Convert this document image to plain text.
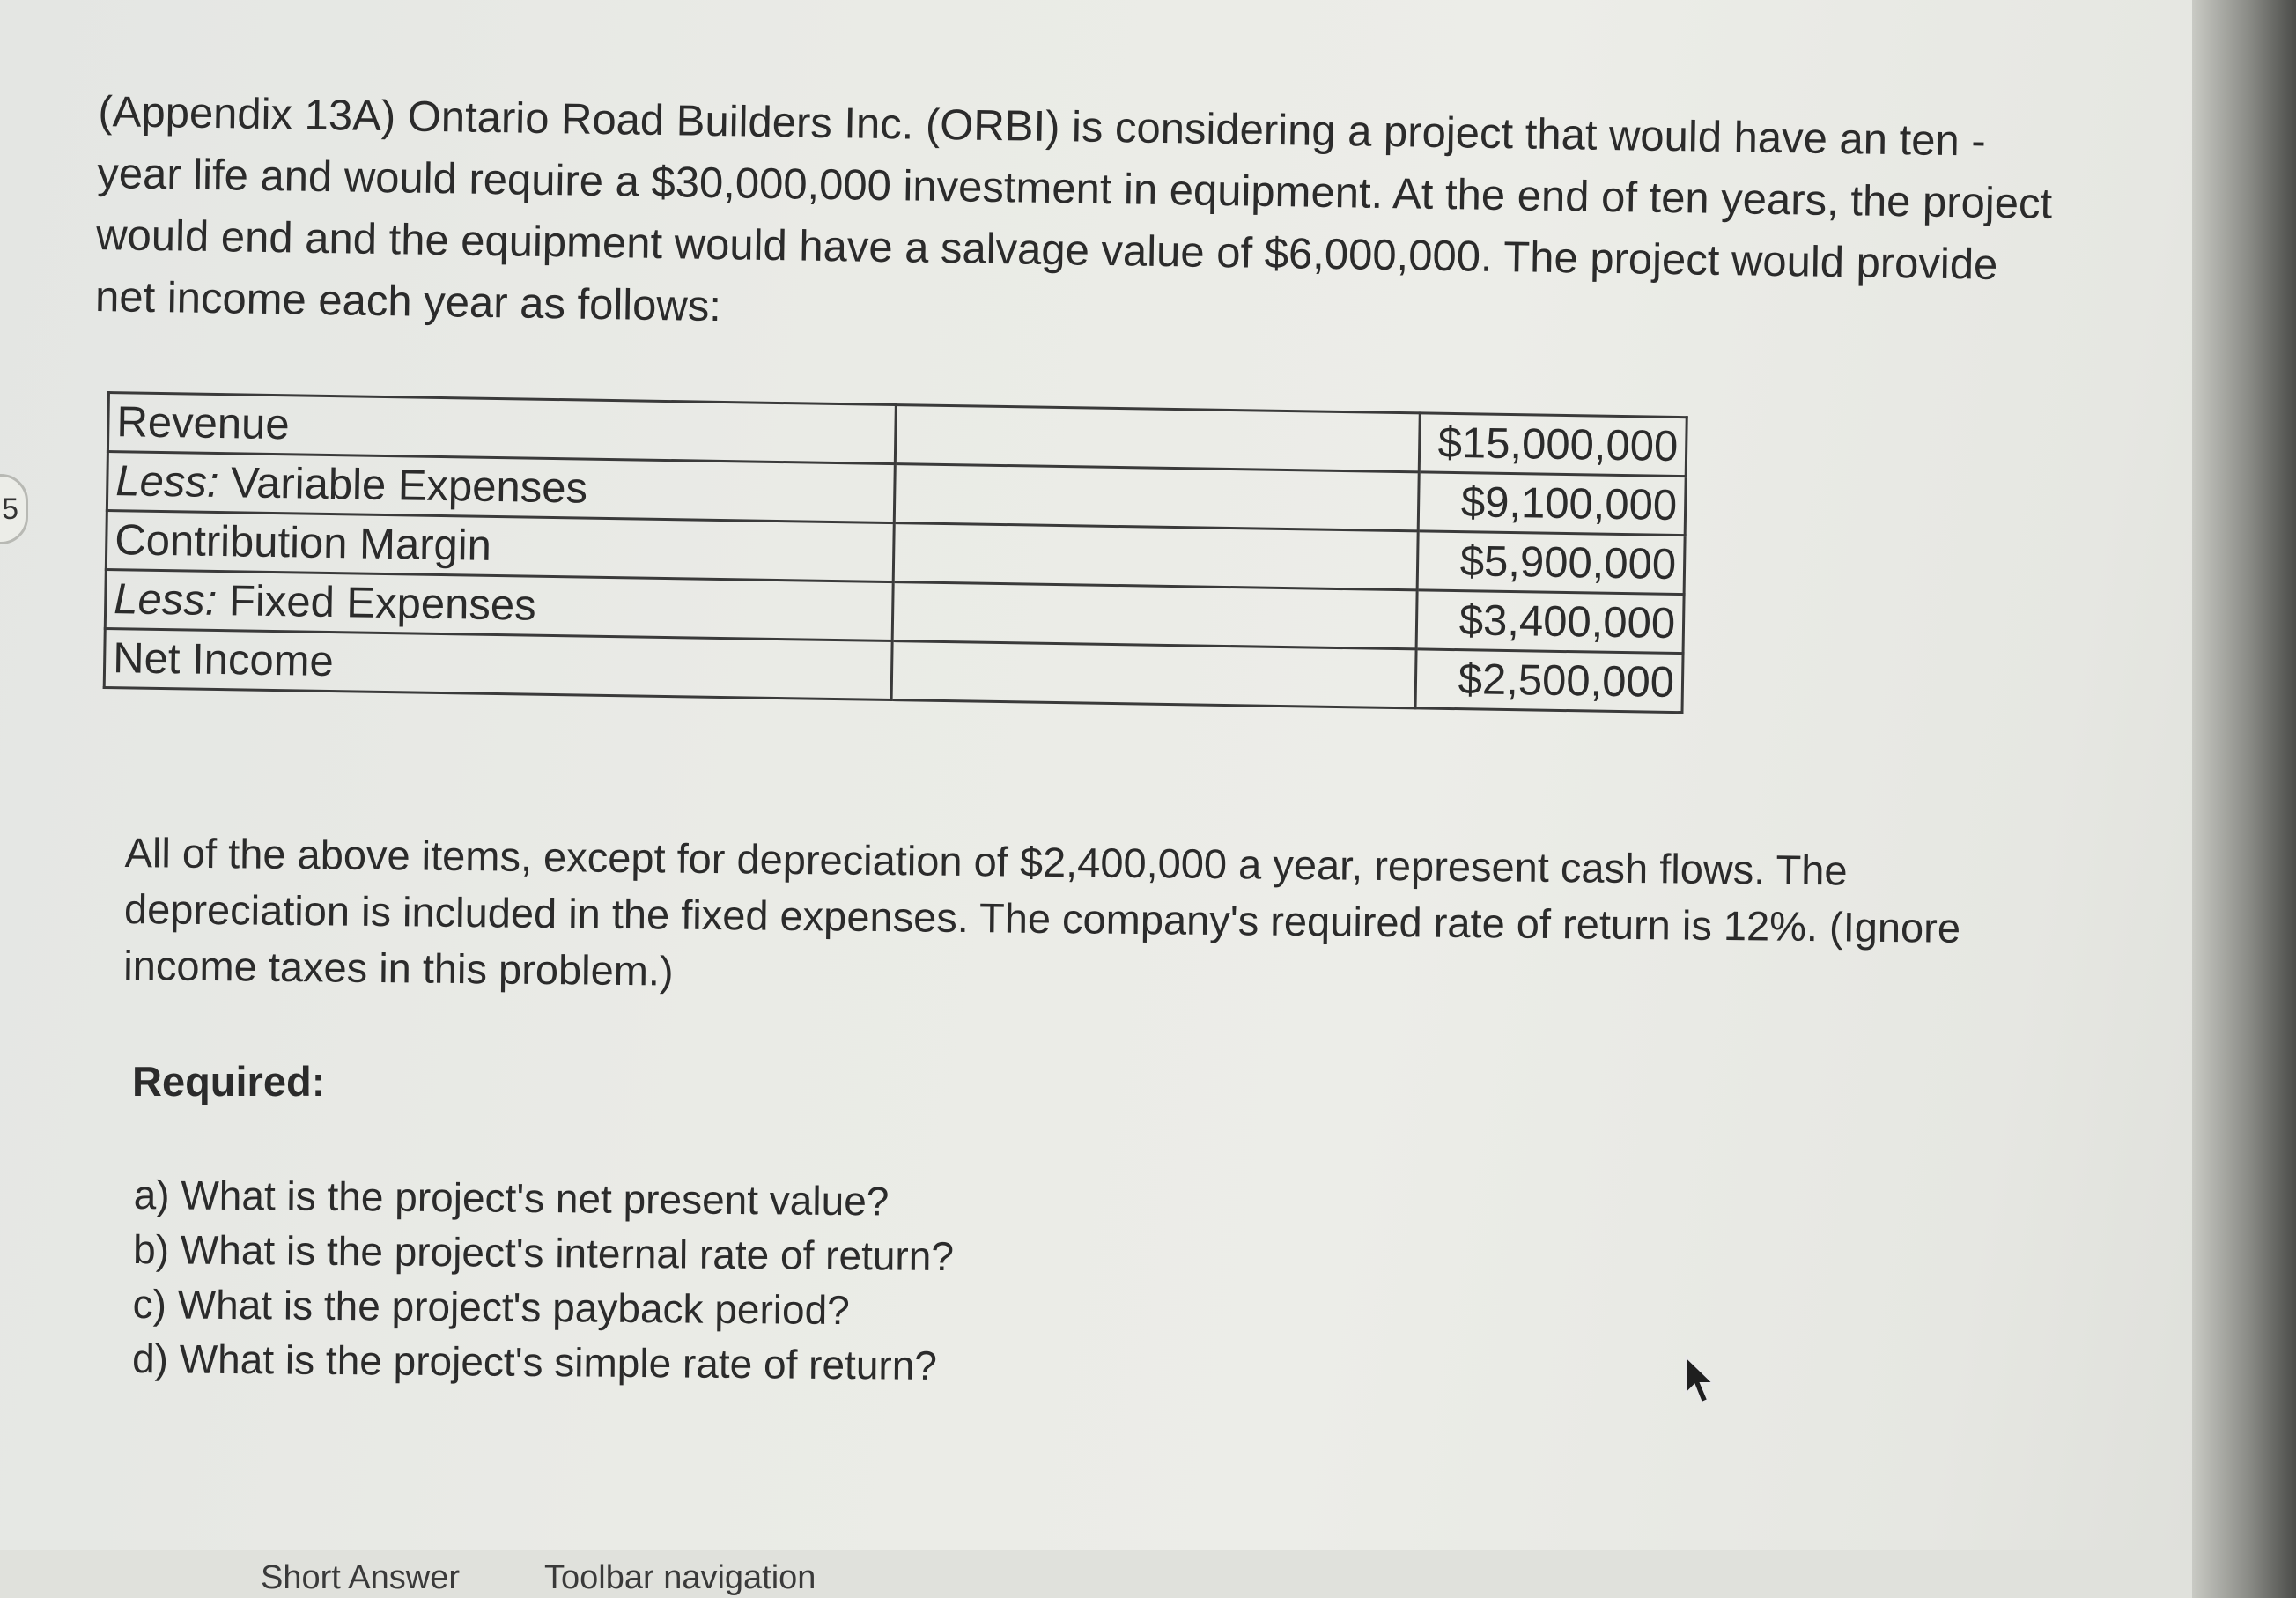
5

(Appendix 13A) Ontario Road Builders Inc. (ORBI) is considering a project that would have an ten - year life and would require a $30,000,000 investment in equipment. At the end of ten years, the project would end and the equipment would have a salvage value of $6,000,000. The project would provide net income each year as follows:

Revenue		$15,000,000
Less: Variable Expenses		$9,100,000
Contribution Margin		$5,900,000
Less: Fixed Expenses		$3,400,000
Net Income		$2,500,000

All of the above items, except for depreciation of $2,400,000 a year, represent cash flows. The depreciation is included in the fixed expenses. The company's required rate of return is 12%. (Ignore income taxes in this problem.)

Required:

a) What is the project's net present value?
b) What is the project's internal rate of return?
c) What is the project's payback period?
d) What is the project's simple rate of return?
Short Answer	Toolbar navigation
